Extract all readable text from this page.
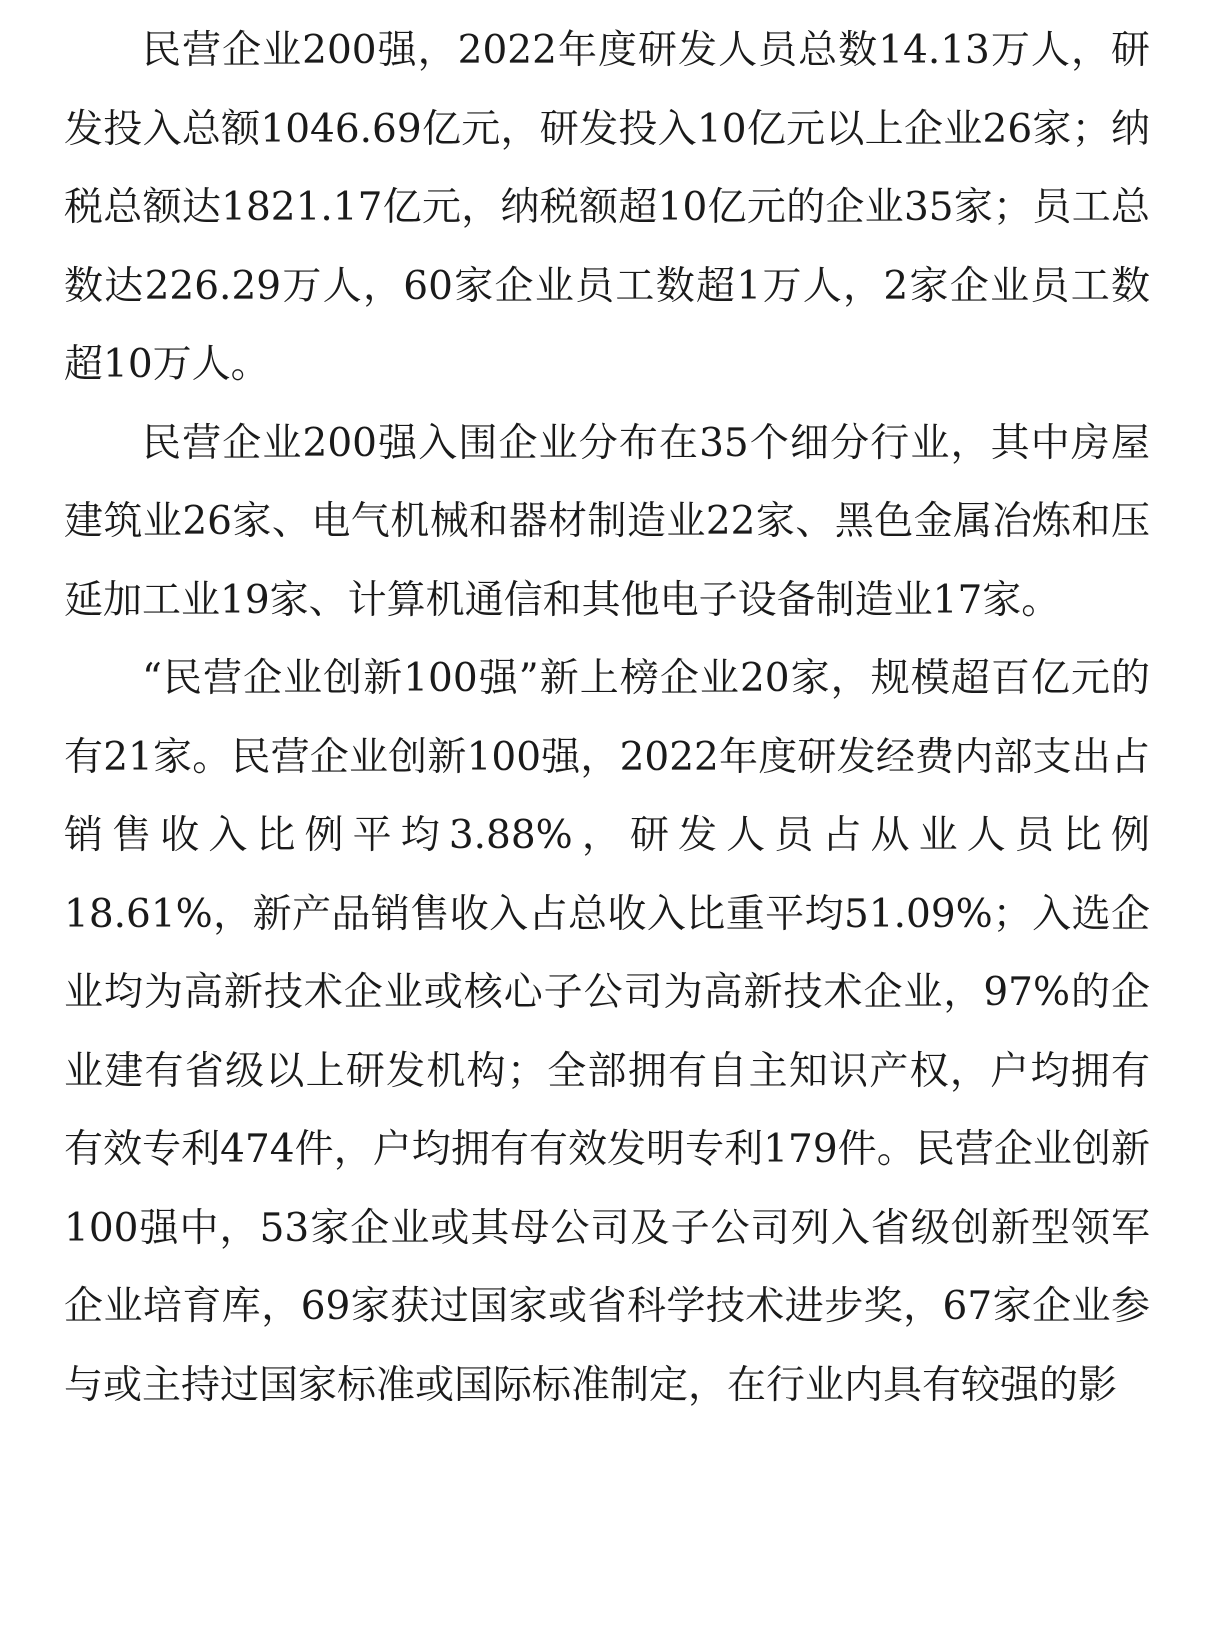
民营企业200强，2022年度研发人员总数14.13万人，研发投入总额1046.69亿元，研发投入10亿元以上企业26家；纳税总额达1821.17亿元，纳税额超10亿元的企业35家；员工总数达226.29万人，60家企业员工数超1万人，2家企业员工数超10万人。

民营企业200强入围企业分布在35个细分行业，其中房屋建筑业26家、电气机械和器材制造业22家、黑色金属冶炼和压延加工业19家、计算机通信和其他电子设备制造业17家。

“民营企业创新100强”新上榜企业20家，规模超百亿元的有21家。民营企业创新100强，2022年度研发经费内部支出占销售收入比例平均3.88%，研发人员占从业人员比例18.61%，新产品销售收入占总收入比重平均51.09%；入选企业均为高新技术企业或核心子公司为高新技术企业，97%的企业建有省级以上研发机构；全部拥有自主知识产权，户均拥有有效专利474件，户均拥有有效发明专利179件。民营企业创新100强中，53家企业或其母公司及子公司列入省级创新型领军企业培育库，69家获过国家或省科学技术进步奖，67家企业参与或主持过国家标准或国际标准制定，在行业内具有较强的影
